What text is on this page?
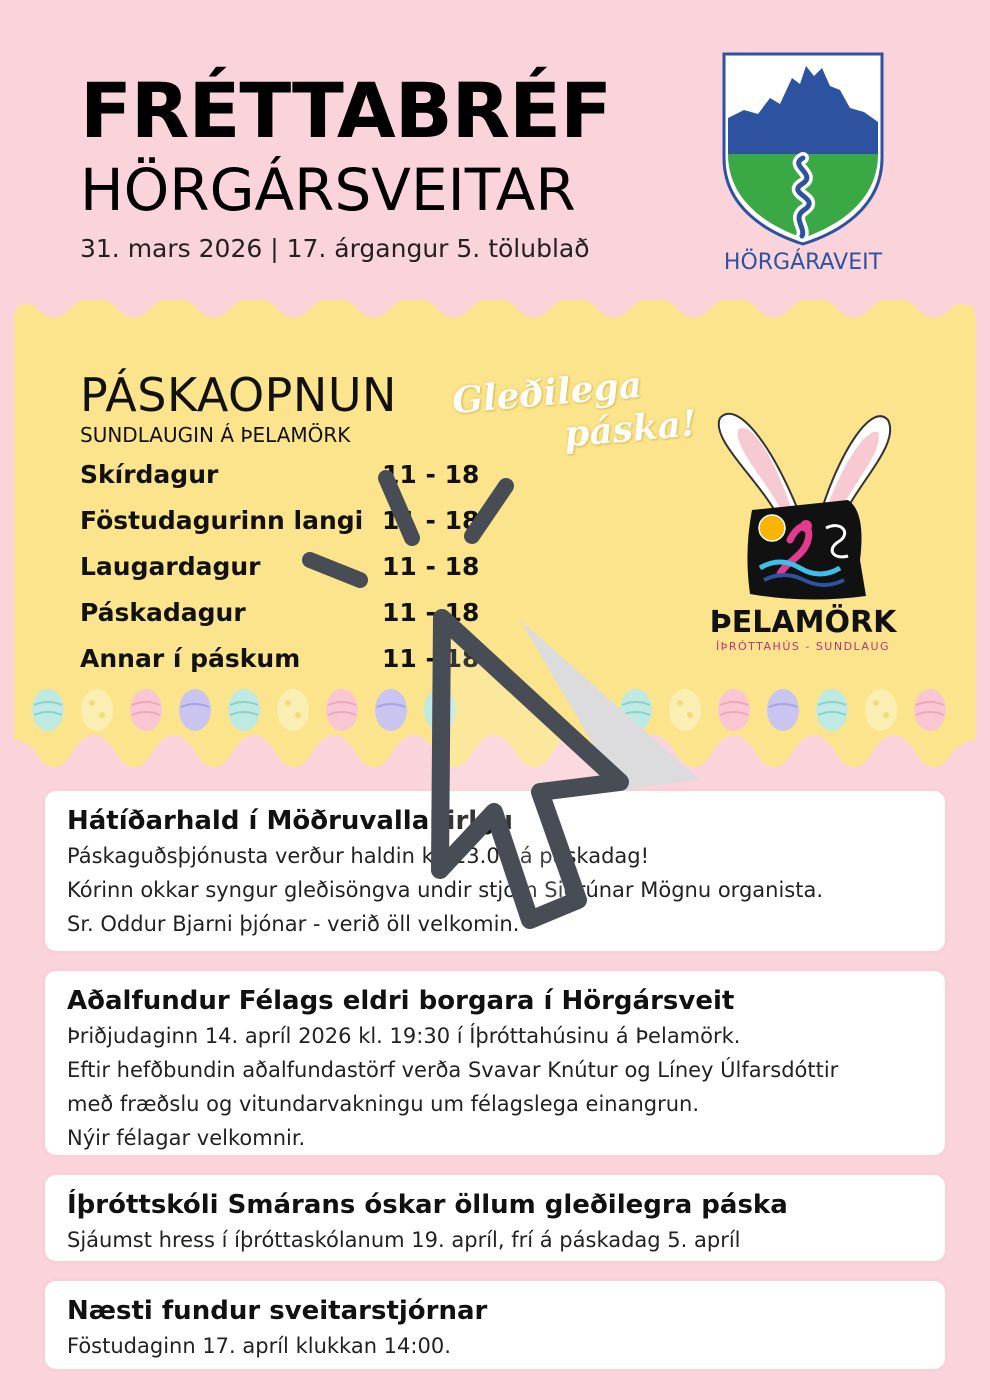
FRÉTTABRÉF
HÖRGÁRSVEITAR
31. mars 2026 | 17. árgangur 5. tölublað	HÖRGÁRAVEIT
PÁSKAOPNUN
SUNDLAUGIN Á ÞELAMÖRK
Skírdagur	11 - 18
Föstudagurinn langi 11 - 18
Laugardagur	11 - 18
Páskadagur	11 - 18
Annar í páskum	11 - 18
Gleðilega
páska!
ÞELAMÖRK
ÍÞRÓTTAHÚS - SUNDLAUG
Hátíðarhald í Möðruvallakirkju
Páskaguðsþjónusta verður haldin kl. 13.00 á páskadag!
Kórinn okkar syngur gleðisöngva undir stjórn Sigrúnar Mögnu organista.
Sr. Oddur Bjarni þjónar - verið öll velkomin.
Aðalfundur Félags eldri borgara í Hörgársveit
Þriðjudaginn 14. apríl 2026 kl. 19:30 í Íþróttahúsinu á Þelamörk.
Eftir hefðbundin aðalfundastörf verða Svavar Knútur og Líney Úlfarsdóttir
með fræðslu og vitundarvakningu um félagslega einangrun.
Nýir félagar velkomnir.
Íþróttskóli Smárans óskar öllum gleðilegra páska
Sjáumst hress í íþróttaskólanum 19. apríl, frí á páskadag 5. apríl
Næsti fundur sveitarstjórnar
Föstudaginn 17. apríl klukkan 14:00.
